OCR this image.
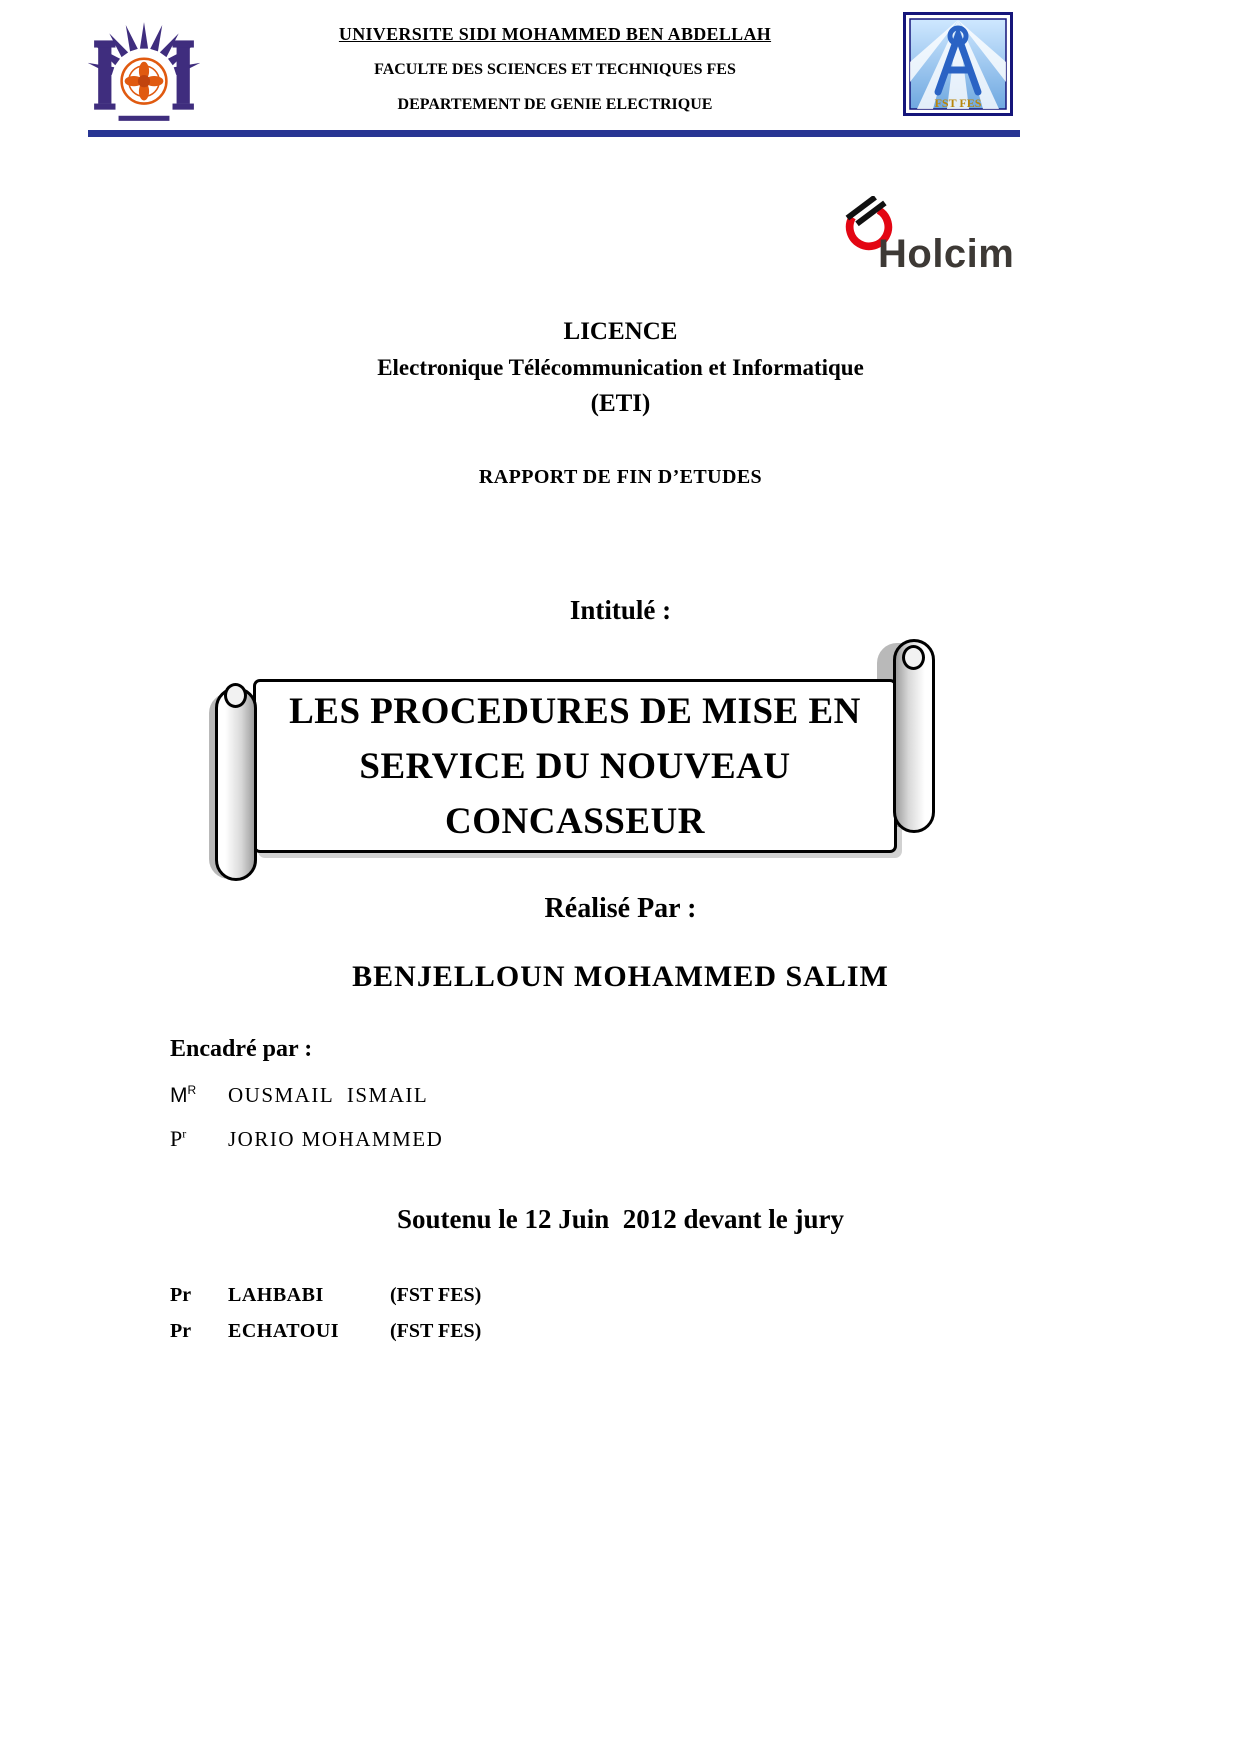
UNIVERSITE SIDI MOHAMMED BEN ABDELLAH
FACULTE DES SCIENCES ET TECHNIQUES FES
DEPARTEMENT DE GENIE ELECTRIQUE	FST FES
Holcim
LICENCE
Electronique Télécommunication et Informatique
(ETI)
RAPPORT DE FIN D’ETUDES
Intitulé :
LES PROCEDURES DE MISE EN
SERVICE DU NOUVEAU
CONCASSEUR
Réalisé Par :
BENJELLOUN MOHAMMED SALIM
Encadré par :
$M^R$ OUSMAIL  ISMAIL
$P^r$ JORIO MOHAMMED
Soutenu le 12 Juin  2012 devant le jury
Pr LAHBABI	(FST FES)
Pr ECHATOUI	(FST FES)
